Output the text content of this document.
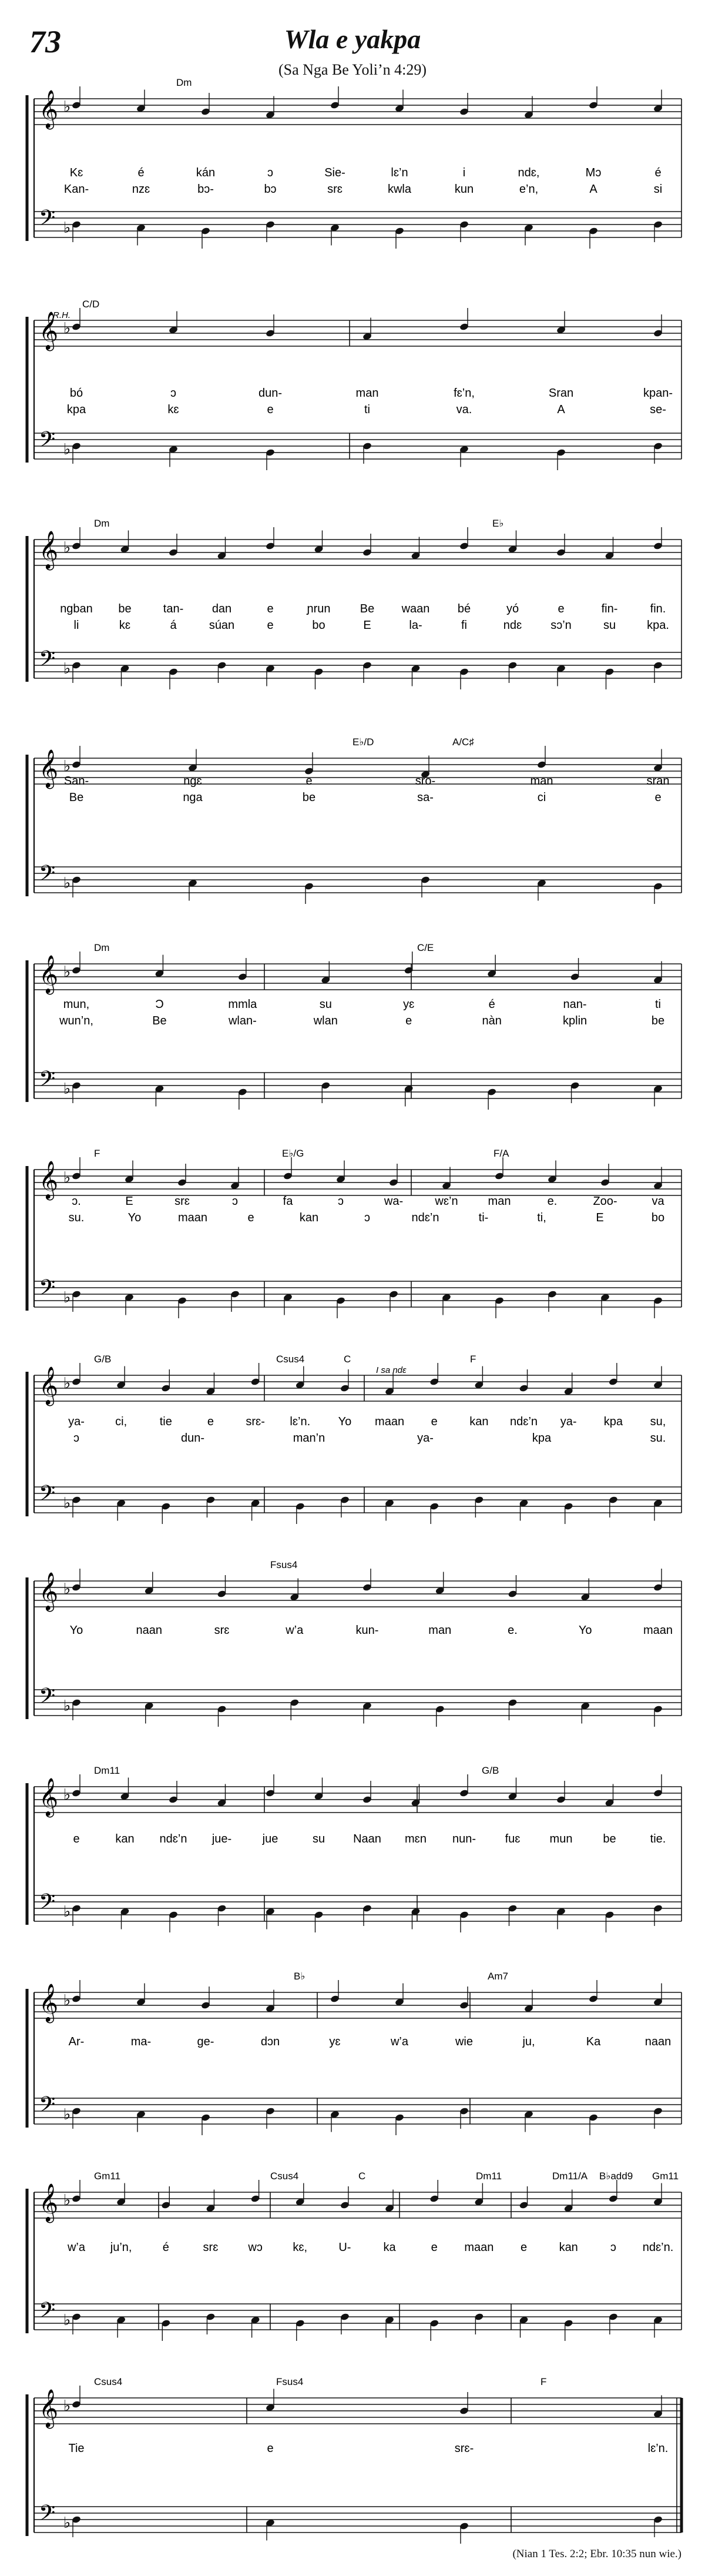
73	Wla e yakpa
(Sa Nga Be Yoli’n 4:29)
𝄞
𝄢
♭
♭
Dm
Kɛ	é	kán	ɔ	Sie-	lɛ’n	i	ndɛ,	Mɔ	é
Kan-	nzɛ	bɔ-	bɔ	srɛ	kwla	kun	e’n,	A	si
𝄞
𝄢
♭
♭
C/D
R.H.
bó	ɔ	dun-	man	fɛ’n,	Sran	kpan-
kpa	kɛ	e	ti	va.	A	se-
𝄞
𝄢
♭
♭
Dm	E♭
ngban be	tan- dan	e	ɲrun	Be waan bé	yó	e	fin-	fin.
li	kɛ	á	súan	e	bo	E	la-	fi	ndɛ sɔ’n	su	kpa.
𝄞
𝄢
♭
♭
E♭/D	A/C♯
San-	ngɛ	e	sro-	man	sran
Be	nga	be	sa-	ci	e
𝄞
𝄢
♭
♭
Dm	C/E
mun,	Ɔ	mmla	su	yɛ	é	nan-	ti
wun’n,	Be	wlan-	wlan	e	nàn	kplin	be
𝄞
𝄢
♭
♭
F	E♭/G	F/A
ɔ.	E	srɛ	ɔ	fa	ɔ	wa-	wɛ’n	man	e.	Zoo-	va
su.	Yo	maan	e	kan	ɔ	ndɛ’n	ti-	ti,	E	bo
𝄞
𝄢
♭
♭
G/B	Csus4	C	F
I sa ndɛ
ya-	ci,	tie	e	srɛ- lɛ’n. Yo maan e	kan ndɛ’n ya- kpa su,
ɔ	dun-	man’n	ya-	kpa	su.
𝄞
𝄢
♭
♭
Fsus4
Yo	naan	srɛ	w’a	kun-	man	e.	Yo	maan
𝄞
𝄢
♭
♭
Dm11	G/B
e	kan ndɛ’n jue-	jue	su Naan mɛn nun- fuɛ	mun	be	tie.
𝄞
𝄢
♭
♭
B♭	Am7
Ar-	ma-	ge-	dɔn	yɛ	w’a	wie	ju,	Ka	naan
𝄞
𝄢
♭
♭
Gm11	Csus4	C	Dm11	Dm11/A B♭add9 Gm11
w’a ju’n,	é	srɛ	wɔ	kɛ,	U-	ka	e maan e	kan	ɔ ndɛ’n.
𝄞
𝄢
♭
♭
Csus4	Fsus4	F
Tie	e	srɛ-	lɛ’n.
(Nian 1 Tes. 2:2; Ebr. 10:35 nun wie.)
